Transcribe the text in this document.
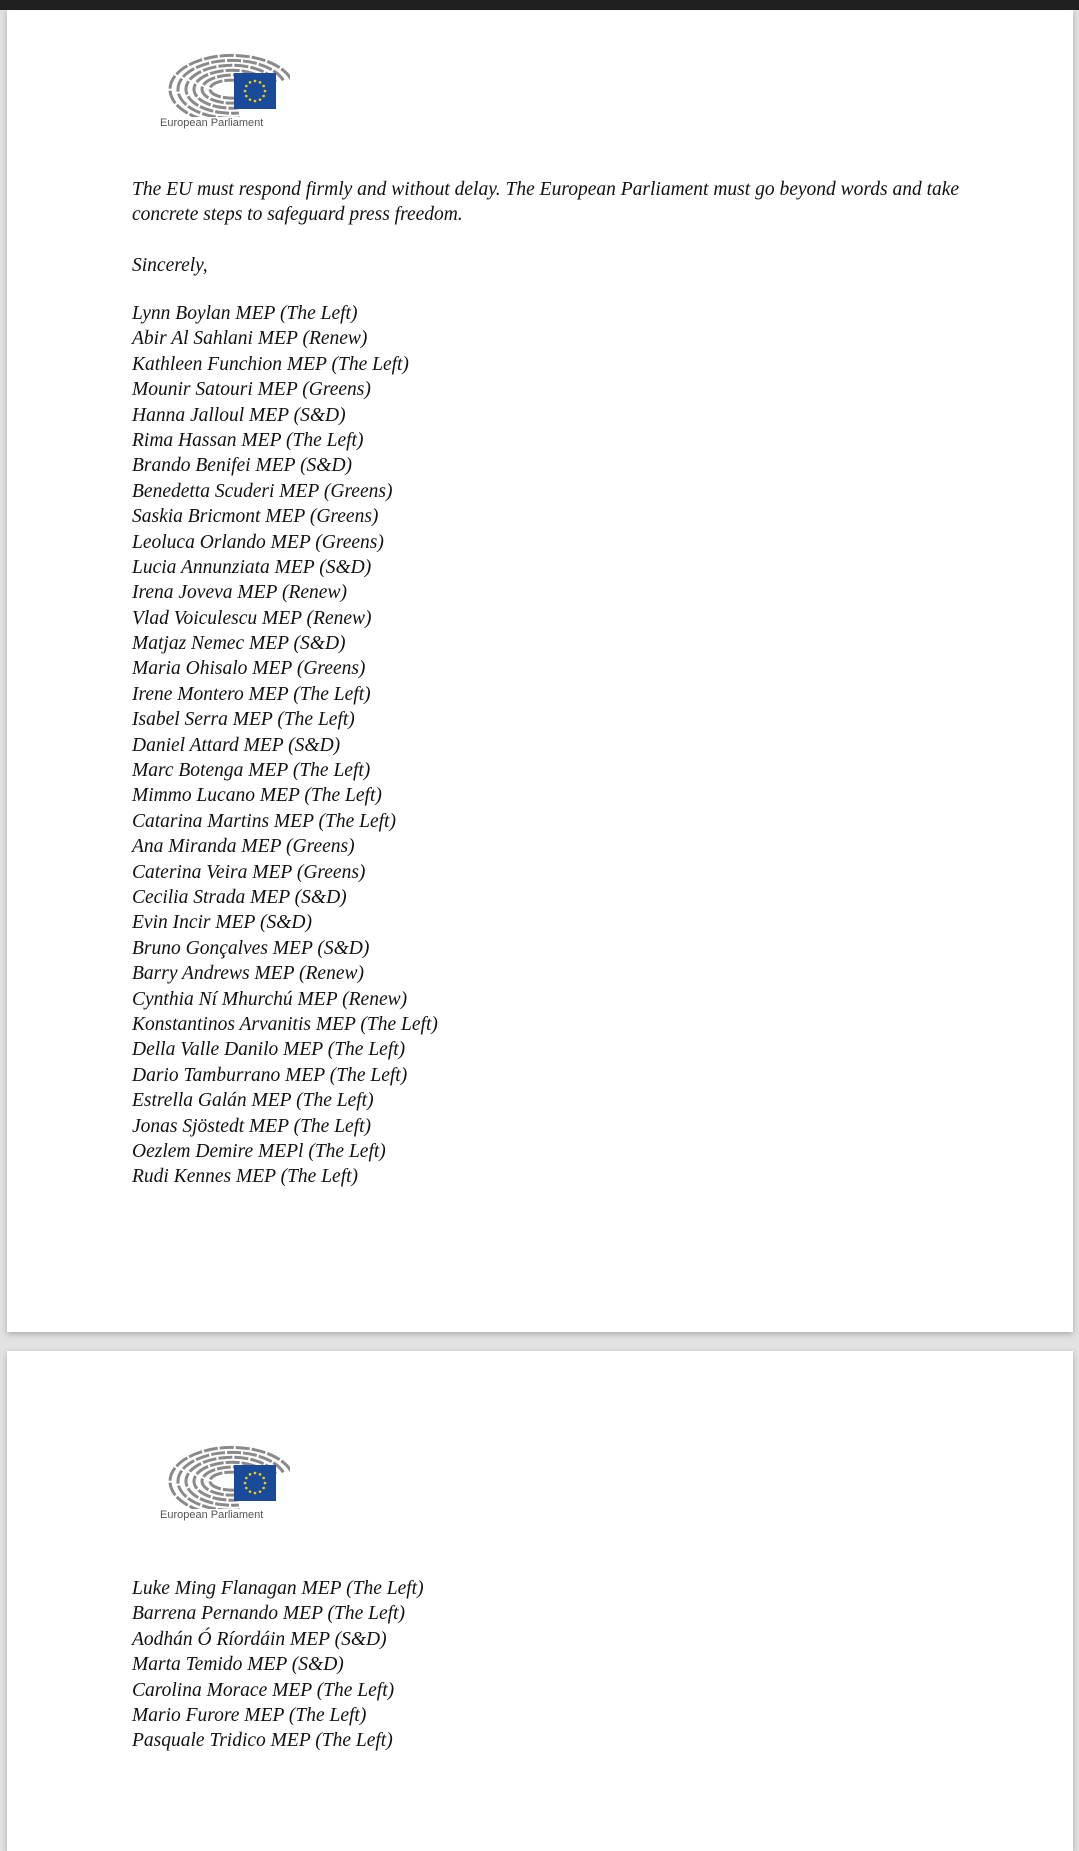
European Parliament
The EU must respond firmly and without delay. The European Parliament must go beyond words and take
concrete steps to safeguard press freedom.
Sincerely,
Lynn Boylan MEP (The Left)
Abir Al Sahlani MEP (Renew)
Kathleen Funchion MEP (The Left)
Mounir Satouri MEP (Greens)
Hanna Jalloul MEP (S&D)
Rima Hassan MEP (The Left)
Brando Benifei MEP (S&D)
Benedetta Scuderi MEP (Greens)
Saskia Bricmont MEP (Greens)
Leoluca Orlando MEP (Greens)
Lucia Annunziata MEP (S&D)
Irena Joveva MEP (Renew)
Vlad Voiculescu MEP (Renew)
Matjaz Nemec MEP (S&D)
Maria Ohisalo MEP (Greens)
Irene Montero MEP (The Left)
Isabel Serra MEP (The Left)
Daniel Attard MEP (S&D)
Marc Botenga MEP (The Left)
Mimmo Lucano MEP (The Left)
Catarina Martins MEP (The Left)
Ana Miranda MEP (Greens)
Caterina Veira MEP (Greens)
Cecilia Strada MEP (S&D)
Evin Incir MEP (S&D)
Bruno Gonçalves MEP (S&D)
Barry Andrews MEP (Renew)
Cynthia Ní Mhurchú MEP (Renew)
Konstantinos Arvanitis MEP (The Left)
Della Valle Danilo MEP (The Left)
Dario Tamburrano MEP (The Left)
Estrella Galán MEP (The Left)
Jonas Sjöstedt MEP (The Left)
Oezlem Demire MEPl (The Left)
Rudi Kennes MEP (The Left)
European Parliament
Luke Ming Flanagan MEP (The Left)
Barrena Pernando MEP (The Left)
Aodhán Ó Ríordáin MEP (S&D)
Marta Temido MEP (S&D)
Carolina Morace MEP (The Left)
Mario Furore MEP (The Left)
Pasquale Tridico MEP (The Left)
